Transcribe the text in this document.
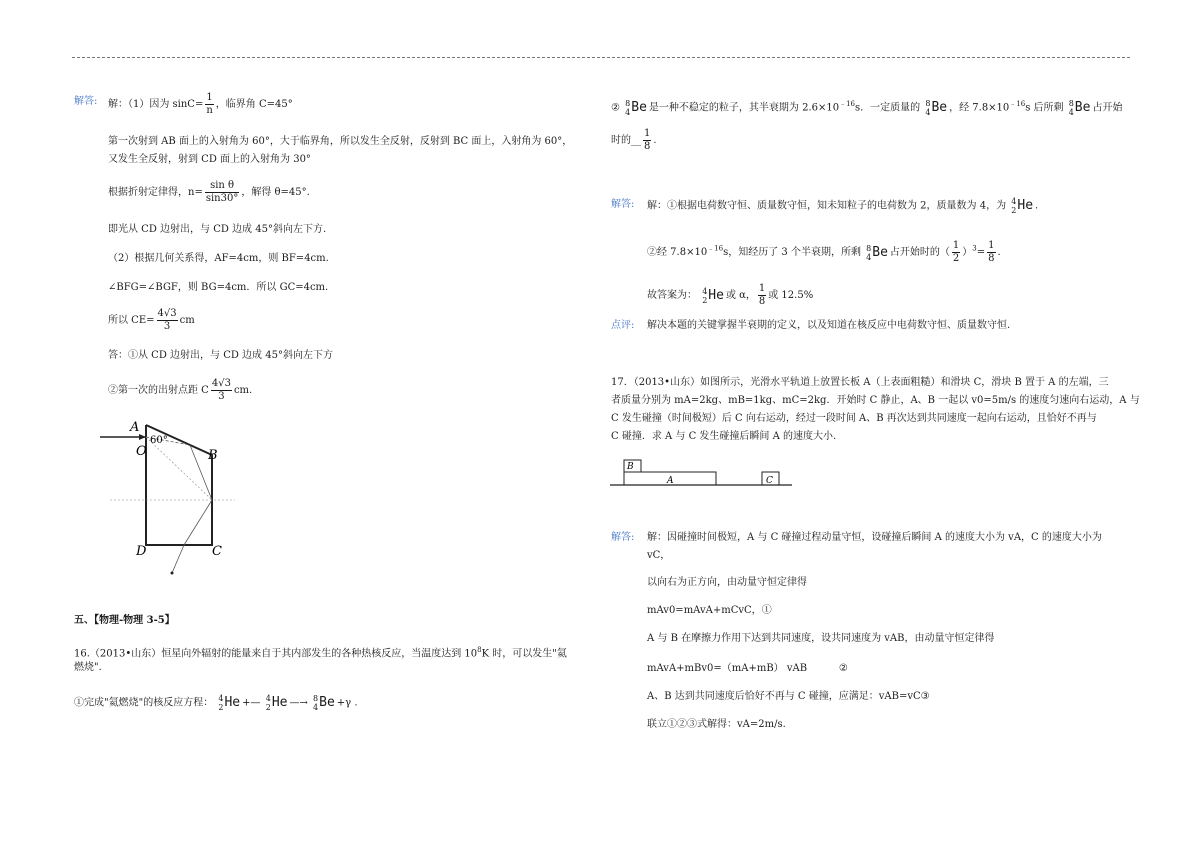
解答: 解：（1）因为 $\sin C= \frac{1}{n}$ ，临界角 C=45°
第一次射到 AB 面上的入射角为 60°，大于临界角，所以发生全反射，反射到 BC 面上，入射角为 60°，
又发生全反射，射到 CD 面上的入射角为 30°
根据折射定律得，$n= \frac{\text{sin θ}}{\sin 30^\circ}$ ，解得 θ=45°.
即光从 CD 边射出，与 CD 边成 45°斜向左下方.
（2）根据几何关系得，AF=4cm，则 BF=4cm.
∠BFG=∠BGF，则 BG=4cm．所以 GC=4cm.
所以 $CE= \frac{4√3}{3}$ cm
答：①从 CD 边射出，与 CD 边成 45°斜向左下方
②第一次的出射点距 C $\frac{4√3}{3}$ cm.
A
60°
O	B
D	C
五、【物理-物理 3-5】
16.（2013•山东）恒星向外辐射的能量来自于其内部发生的各种热核反应，当温度达到 $10^8K$ 时，可以发生"氦
燃烧".
①完成"氦燃烧"的核反应方程： 4
2 He +— 4
2 He —→ 8
4 Be +γ .
② 8
4 Be 是一种不稳定的粒子，其半衰期为 $2.6\times 10^{﹣16}s$．一定质量的 8
4 Be ，经 $7.8\times 10^{﹣16}s$ 后所剩 8
4 Be 占开始
时的__ $\frac{1}{8}$ .
解答: 解：①根据电荷数守恒、质量数守恒，知未知粒子的电荷数为 2，质量数为 4，为 4
2 He .
②经 $7.8\times 10^{﹣16}s$，知经历了 3 个半衰期，所剩 8
4 Be 占开始时的（ $\frac{1}{2} )^3= \frac{1}{8}$ .
故答案为： 4
2 He 或 α， $\frac{1}{8}$ 或 12.5%
点评: 解决本题的关键掌握半衰期的定义，以及知道在核反应中电荷数守恒、质量数守恒.
17．（2013•山东）如图所示，光滑水平轨道上放置长板 A（上表面粗糙）和滑块 C，滑块 B 置于 A 的左端，三
者质量分别为 mA=2kg、mB=1kg、mC=2kg．开始时 C 静止，A、B 一起以 v0=5m/s 的速度匀速向右运动，A 与
C 发生碰撞（时间极短）后 C 向右运动，经过一段时间 A、B 再次达到共同速度一起向右运动，且恰好不再与
C 碰撞．求 A 与 C 发生碰撞后瞬间 A 的速度大小.
B
A	C
解答: 解：因碰撞时间极短，A 与 C 碰撞过程动量守恒，设碰撞后瞬间 A 的速度大小为 vA，C 的速度大小为
vC，
以向右为正方向，由动量守恒定律得
mAv0=mAvA+mCvC，①
A 与 B 在摩擦力作用下达到共同速度，设共同速度为 vAB，由动量守恒定律得
mAvA+mBv0=（mA+mB） vAB	②
A、B 达到共同速度后恰好不再与 C 碰撞，应满足：vAB=vC③
联立①②③式解得：vA=2m/s.
